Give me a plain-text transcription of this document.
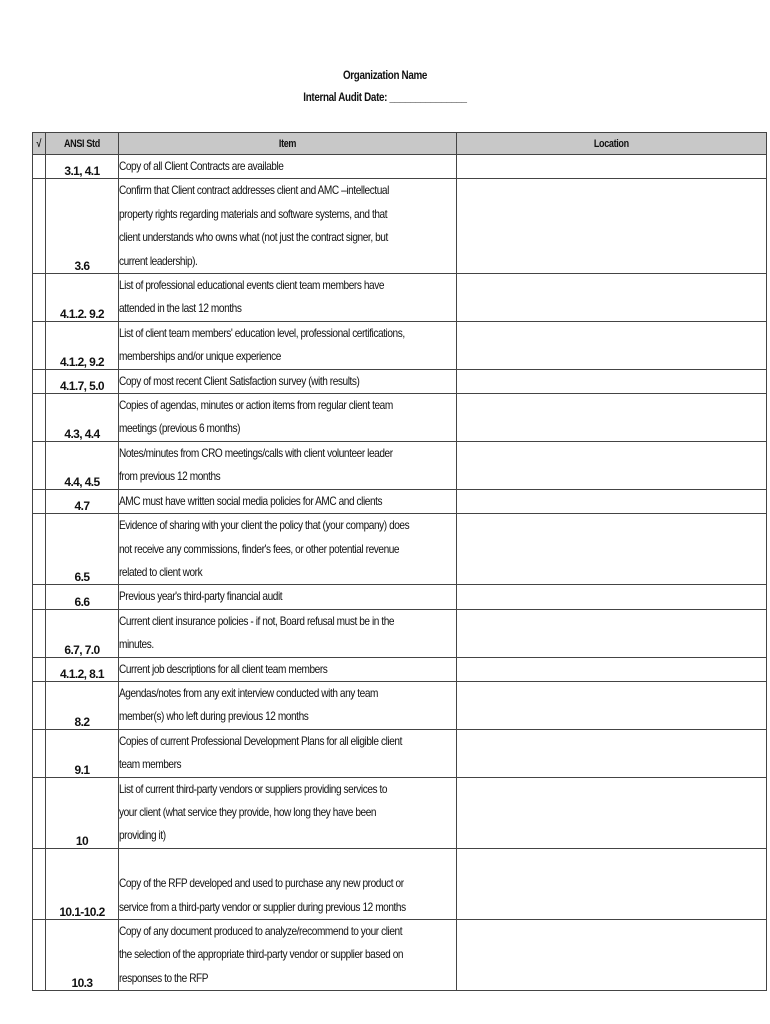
Organization Name
Internal Audit Date: _______________
√	ANSI Std	Item	Location
	3.1, 4.1	Copy of all Client Contracts are available	

	3.6	Confirm that Client contract addresses client and AMC –intellectual
property rights regarding materials and software systems, and that
client understands who owns what (not just the contract signer, but
current leadership).	

	4.1.2. 9.2	List of professional educational events client team members have
attended in the last 12 months	

	4.1.2, 9.2	List of client team members' education level, professional certifications,
memberships and/or unique experience	

	4.1.7, 5.0	Copy of most recent Client Satisfaction survey (with results)	

	4.3, 4.4	Copies of agendas, minutes or action items from regular client team
meetings (previous 6 months)	

	4.4, 4.5	Notes/minutes from CRO meetings/calls with client volunteer leader
from previous 12 months	

	4.7	AMC must have written social media policies for AMC and clients	

	6.5	Evidence of sharing with your client the policy that (your company) does
not receive any commissions, finder's fees, or other potential revenue
related to client work	

	6.6	Previous year's third-party financial audit	

	6.7, 7.0	Current client insurance policies - if not, Board refusal must be in the
minutes.	

	4.1.2, 8.1	Current job descriptions for all client team members	

	8.2	Agendas/notes from any exit interview conducted with any team
member(s) who left during previous 12 months	

	9.1	Copies of current Professional Development Plans for all eligible client
team members	

	10	List of current third-party vendors or suppliers providing services to
your client (what service they provide, how long they have been
providing it)	

	10.1-10.2	Copy of the RFP developed and used to purchase any new product or
service from a third-party vendor or supplier during previous 12 months	

	10.3	Copy of any document produced to analyze/recommend to your client
the selection of the appropriate third-party vendor or supplier based on
responses to the RFP	
